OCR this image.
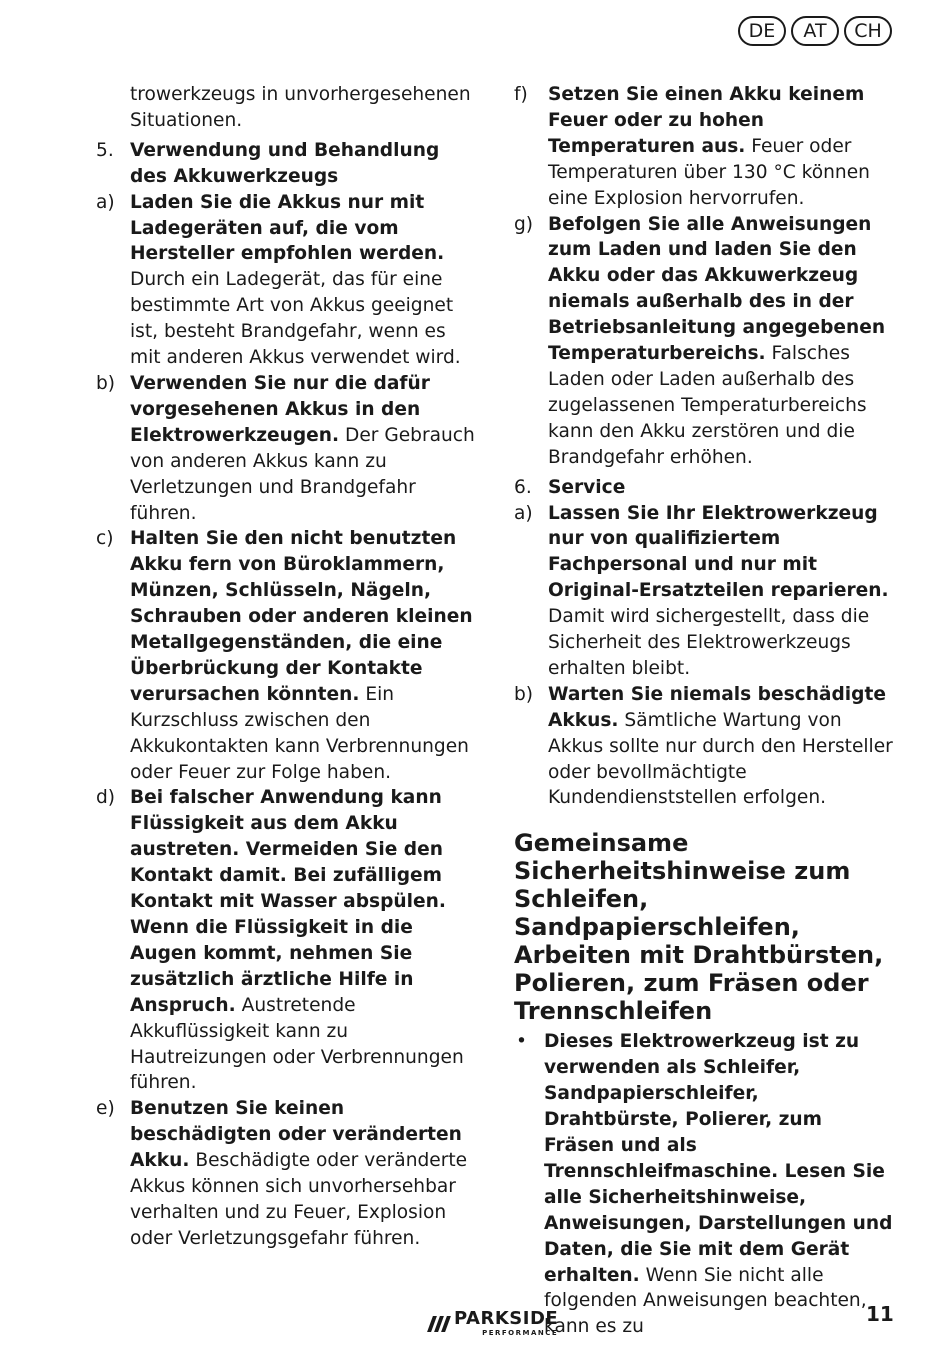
DE	AT	CH
trowerkzeugs in unvorhergesehenen Situationen.
5. Verwendung und Behandlung des Akkuwerkzeugs
a) Laden Sie die Akkus nur mit Ladegeräten auf, die vom Hersteller empfohlen werden. Durch ein Ladegerät, das für eine bestimmte Art von Akkus geeignet ist, besteht Brandgefahr, wenn es mit anderen Akkus verwendet wird.
b) Verwenden Sie nur die dafür vorgesehenen Akkus in den Elektrowerkzeugen. Der Gebrauch von anderen Akkus kann zu Verletzungen und Brandgefahr führen.
c) Halten Sie den nicht benutzten Akku fern von Büroklammern, Münzen, Schlüsseln, Nägeln, Schrauben oder anderen kleinen Metallgegenständen, die eine Überbrückung der Kontakte verursachen könnten. Ein Kurzschluss zwischen den Akkukontakten kann Verbrennungen oder Feuer zur Folge haben.
d) Bei falscher Anwendung kann Flüssigkeit aus dem Akku austreten. Vermeiden Sie den Kontakt damit. Bei zufälligem Kontakt mit Wasser abspülen. Wenn die Flüssigkeit in die Augen kommt, nehmen Sie zusätzlich ärztliche Hilfe in Anspruch. Austretende Akkuflüssigkeit kann zu Hautreizungen oder Verbrennungen führen.
e) Benutzen Sie keinen beschädigten oder veränderten Akku. Beschädigte oder veränderte Akkus können sich unvorhersehbar verhalten und zu Feuer, Explosion oder Verletzungsgefahr führen.
f)	Setzen Sie einen Akku keinem Feuer oder zu hohen Temperaturen aus. Feuer oder Temperaturen über 130 °C können eine Explosion hervorrufen.
g) Befolgen Sie alle Anweisungen zum Laden und laden Sie den Akku oder das Akkuwerkzeug niemals außerhalb des in der Betriebsanleitung angegebenen Temperaturbereichs. Falsches Laden oder Laden außerhalb des zugelassenen Temperaturbereichs kann den Akku zerstören und die Brandgefahr erhöhen.
6. Service
a) Lassen Sie Ihr Elektrowerkzeug nur von qualifiziertem Fachpersonal und nur mit Original-Ersatzteilen reparieren. Damit wird sichergestellt, dass die Sicherheit des Elektrowerkzeugs erhalten bleibt.
b) Warten Sie niemals beschädigte Akkus. Sämtliche Wartung von Akkus sollte nur durch den Hersteller oder bevollmächtigte Kundendienststellen erfolgen.
Gemeinsame Sicherheitshinweise zum Schleifen, Sandpapierschleifen, Arbeiten mit Drahtbürsten, Polieren, zum Fräsen oder Trennschleifen
• Dieses Elektrowerkzeug ist zu verwenden als Schleifer, Sandpapierschleifer, Drahtbürste, Polierer, zum Fräsen und als Trennschleifmaschine. Lesen Sie alle Sicherheitshinweise, Anweisungen, Darstellungen und Daten, die Sie mit dem Gerät erhalten. Wenn Sie nicht alle folgenden Anweisungen beachten, kann es zu
PARKSIDE
PERFORMANCE
11
